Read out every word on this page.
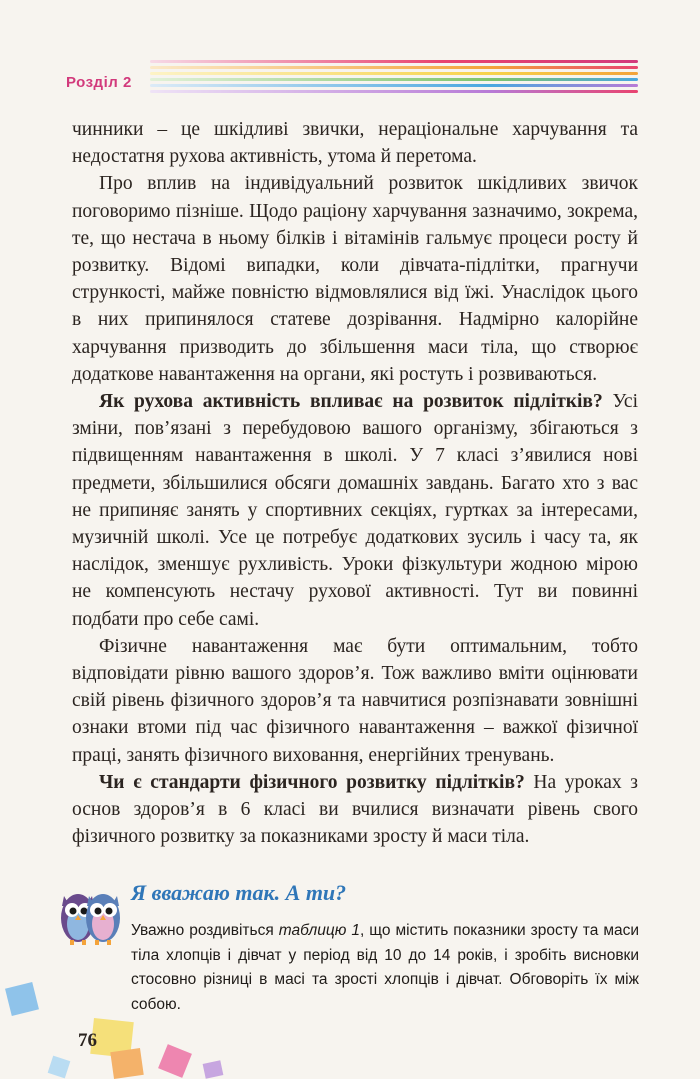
Розділ 2

чинники – це шкідливі звички, нераціональне харчування та недостатня рухова активність, утома й перетома.

Про вплив на індивідуальний розвиток шкідливих звичок поговоримо пізніше. Щодо раціону харчування зазначимо, зокрема, те, що нестача в ньому білків і вітамінів гальмує процеси росту й розвитку. Відомі випадки, коли дівчата-підлітки, прагнучи стрункості, майже повністю відмовлялися від їжі. Унаслідок цього в них припинялося статеве дозрівання. Надмірно калорійне харчування призводить до збільшення маси тіла, що створює додаткове навантаження на органи, які ростуть і розвиваються.

Як рухова активність впливає на розвиток підлітків? Усі зміни, пов’язані з перебудовою вашого організму, збігаються з підвищенням навантаження в школі. У 7 класі з’явилися нові предмети, збільшилися обсяги домашніх завдань. Багато хто з вас не припиняє занять у спортивних секціях, гуртках за інтересами, музичній школі. Усе це потребує додаткових зусиль і часу та, як наслідок, зменшує рухливість. Уроки фізкультури жодною мірою не компенсують нестачу рухової активності. Тут ви повинні подбати про себе самі.

Фізичне навантаження має бути оптимальним, тобто відповідати рівню вашого здоров’я. Тож важливо вміти оцінювати свій рівень фізичного здоров’я та навчитися розпізнавати зовнішні ознаки втоми під час фізичного навантаження – важкої фізичної праці, занять фізичного виховання, енергійних тренувань.

Чи є стандарти фізичного розвитку підлітків? На уроках з основ здоров’я в 6 класі ви вчилися визначати рівень свого фізичного розвитку за показниками зросту й маси тіла.

Я вважаю так. А ти?
Уважно роздивіться таблицю 1, що містить показники зросту та маси тіла хлопців і дівчат у період від 10 до 14 років, і зробіть висновки стосовно різниці в масі та зрості хлопців і дівчат. Обговоріть їх між собою.
76
